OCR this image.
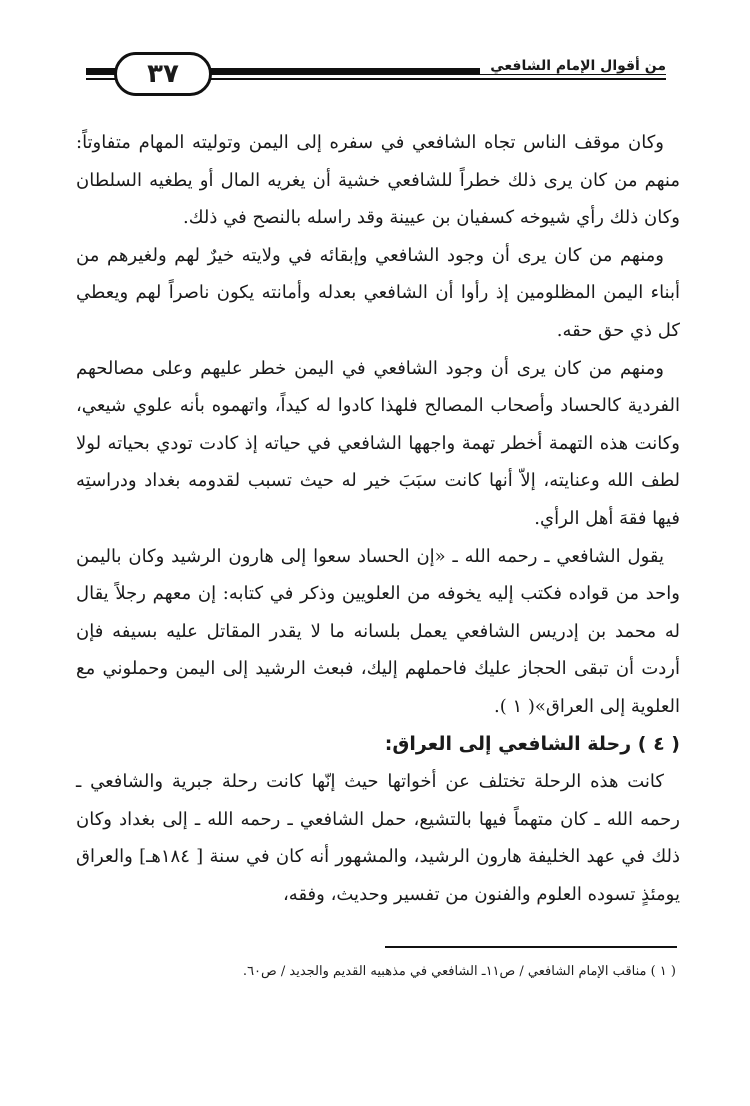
٣٧	من أقوال الإمام الشافعي

وكان موقف الناس تجاه الشافعي في سفره إلى اليمن وتوليته المهام متفاوتاً: منهم من كان يرى ذلك خطراً للشافعي خشية أن يغريه المال أو يطغيه السلطان وكان ذلك رأي شيوخه كسفيان بن عيينة وقد راسله بالنصح في ذلك.

ومنهم من كان يرى أن وجود الشافعي وإبقائه في ولايته خيرٌ لهم ولغيرهم من أبناء اليمن المظلومين إذ رأوا أن الشافعي بعدله وأمانته يكون ناصراً لهم ويعطي كل ذي حق حقه.

ومنهم من كان يرى أن وجود الشافعي في اليمن خطر عليهم وعلى مصالحهم الفردية كالحساد وأصحاب المصالح فلهذا كادوا له كيداً، واتهموه بأنه علوي شيعي، وكانت هذه التهمة أخطر تهمة واجهها الشافعي في حياته إذ كادت تودي بحياته لولا لطف الله وعنايته، إلاّ أنها كانت سبَبَ خير له حيث تسبب لقدومه بغداد ودراستِه فيها فقهَ أهل الرأي.

يقول الشافعي ـ رحمه الله ـ «إن الحساد سعوا إلى هارون الرشيد وكان باليمن واحد من قواده فكتب إليه يخوفه من العلويين وذكر في كتابه: إن معهم رجلاً يقال له محمد بن إدريس الشافعي يعمل بلسانه ما لا يقدر المقاتل عليه بسيفه فإن أردت أن تبقى الحجاز عليك فاحملهم إليك، فبعث الرشيد إلى اليمن وحملوني مع العلوية إلى العراق»( ١ ).

( ٤ ) رحلة الشافعي إلى العراق:

كانت هذه الرحلة تختلف عن أخواتها حيث إنّها كانت رحلة جبرية والشافعي ـ رحمه الله ـ كان متهماً فيها بالتشيع، حمل الشافعي ـ رحمه الله ـ إلى بغداد وكان ذلك في عهد الخليفة هارون الرشيد، والمشهور أنه كان في سنة [ ١٨٤هـ] والعراق يومئذٍ تسوده العلوم والفنون من تفسير وحديث، وفقه،

( ١ ) مناقب الإمام الشافعي / ص١١ـ الشافعي في مذهبيه القديم والجديد / ص٦٠.
